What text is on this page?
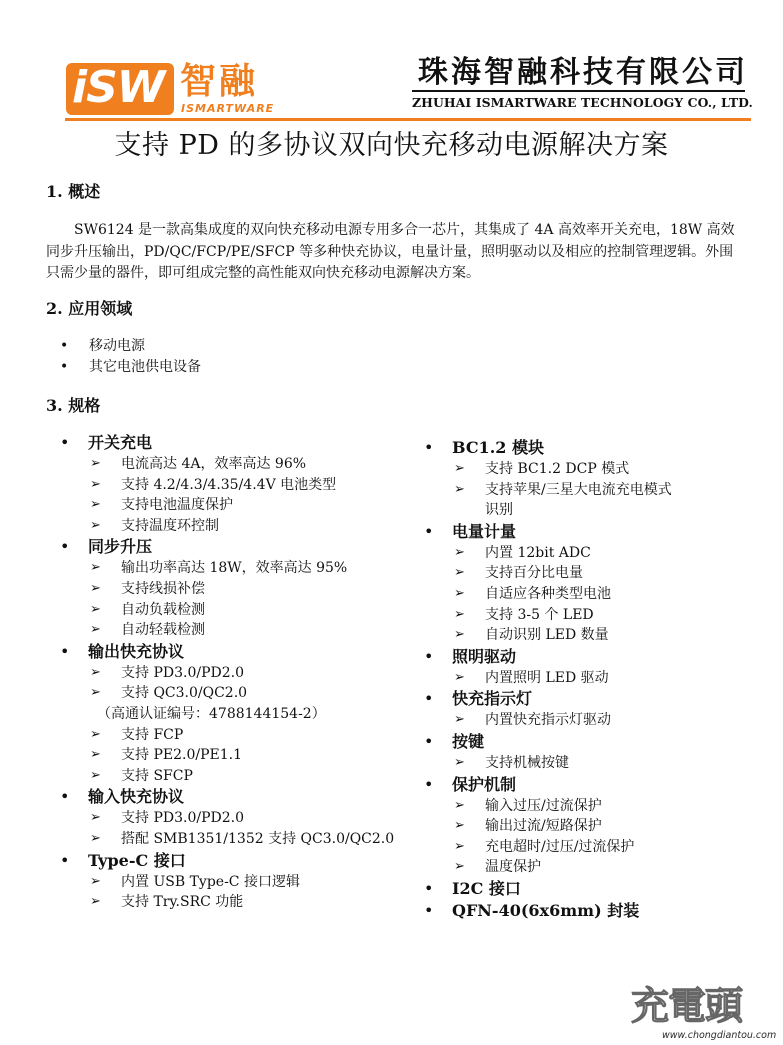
iSW 智融
ISMARTWARE
珠海智融科技有限公司
ZHUHAI ISMARTWARE TECHNOLOGY CO., LTD.
支持 PD 的多协议双向快充移动电源解决方案
1. 概述
SW6124 是一款高集成度的双向快充移动电源专用多合一芯片，其集成了 4A 高效率开关充电，18W 高效同步升压输出，PD/QC/FCP/PE/SFCP 等多种快充协议，电量计量，照明驱动以及相应的控制管理逻辑。外围只需少量的器件，即可组成完整的高性能双向快充移动电源解决方案。
2. 应用领域
• 移动电源
• 其它电池供电设备
3. 规格
• 开关充电
➢ 电流高达 4A，效率高达 96%
➢ 支持 4.2/4.3/4.35/4.4V 电池类型
➢ 支持电池温度保护
➢ 支持温度环控制
• 同步升压
➢ 输出功率高达 18W，效率高达 95%
➢ 支持线损补偿
➢ 自动负载检测
➢ 自动轻载检测
• 输出快充协议
➢ 支持 PD3.0/PD2.0
➢ 支持 QC3.0/QC2.0
（高通认证编号：4788144154-2）
➢ 支持 FCP
➢ 支持 PE2.0/PE1.1
➢ 支持 SFCP
• 输入快充协议
➢ 支持 PD3.0/PD2.0
➢ 搭配 SMB1351/1352 支持 QC3.0/QC2.0
• Type-C 接口
➢ 内置 USB Type-C 接口逻辑
➢ 支持 Try.SRC 功能
• BC1.2 模块
➢ 支持 BC1.2 DCP 模式
➢ 支持苹果/三星大电流充电模式
识别
• 电量计量
➢ 内置 12bit ADC
➢ 支持百分比电量
➢ 自适应各种类型电池
➢ 支持 3-5 个 LED
➢ 自动识别 LED 数量
• 照明驱动
➢ 内置照明 LED 驱动
• 快充指示灯
➢ 内置快充指示灯驱动
• 按键
➢ 支持机械按键
• 保护机制
➢ 输入过压/过流保护
➢ 输出过流/短路保护
➢ 充电超时/过压/过流保护
➢ 温度保护
• I2C 接口
• QFN-40(6x6mm) 封装
充電頭
www.chongdiantou.com
